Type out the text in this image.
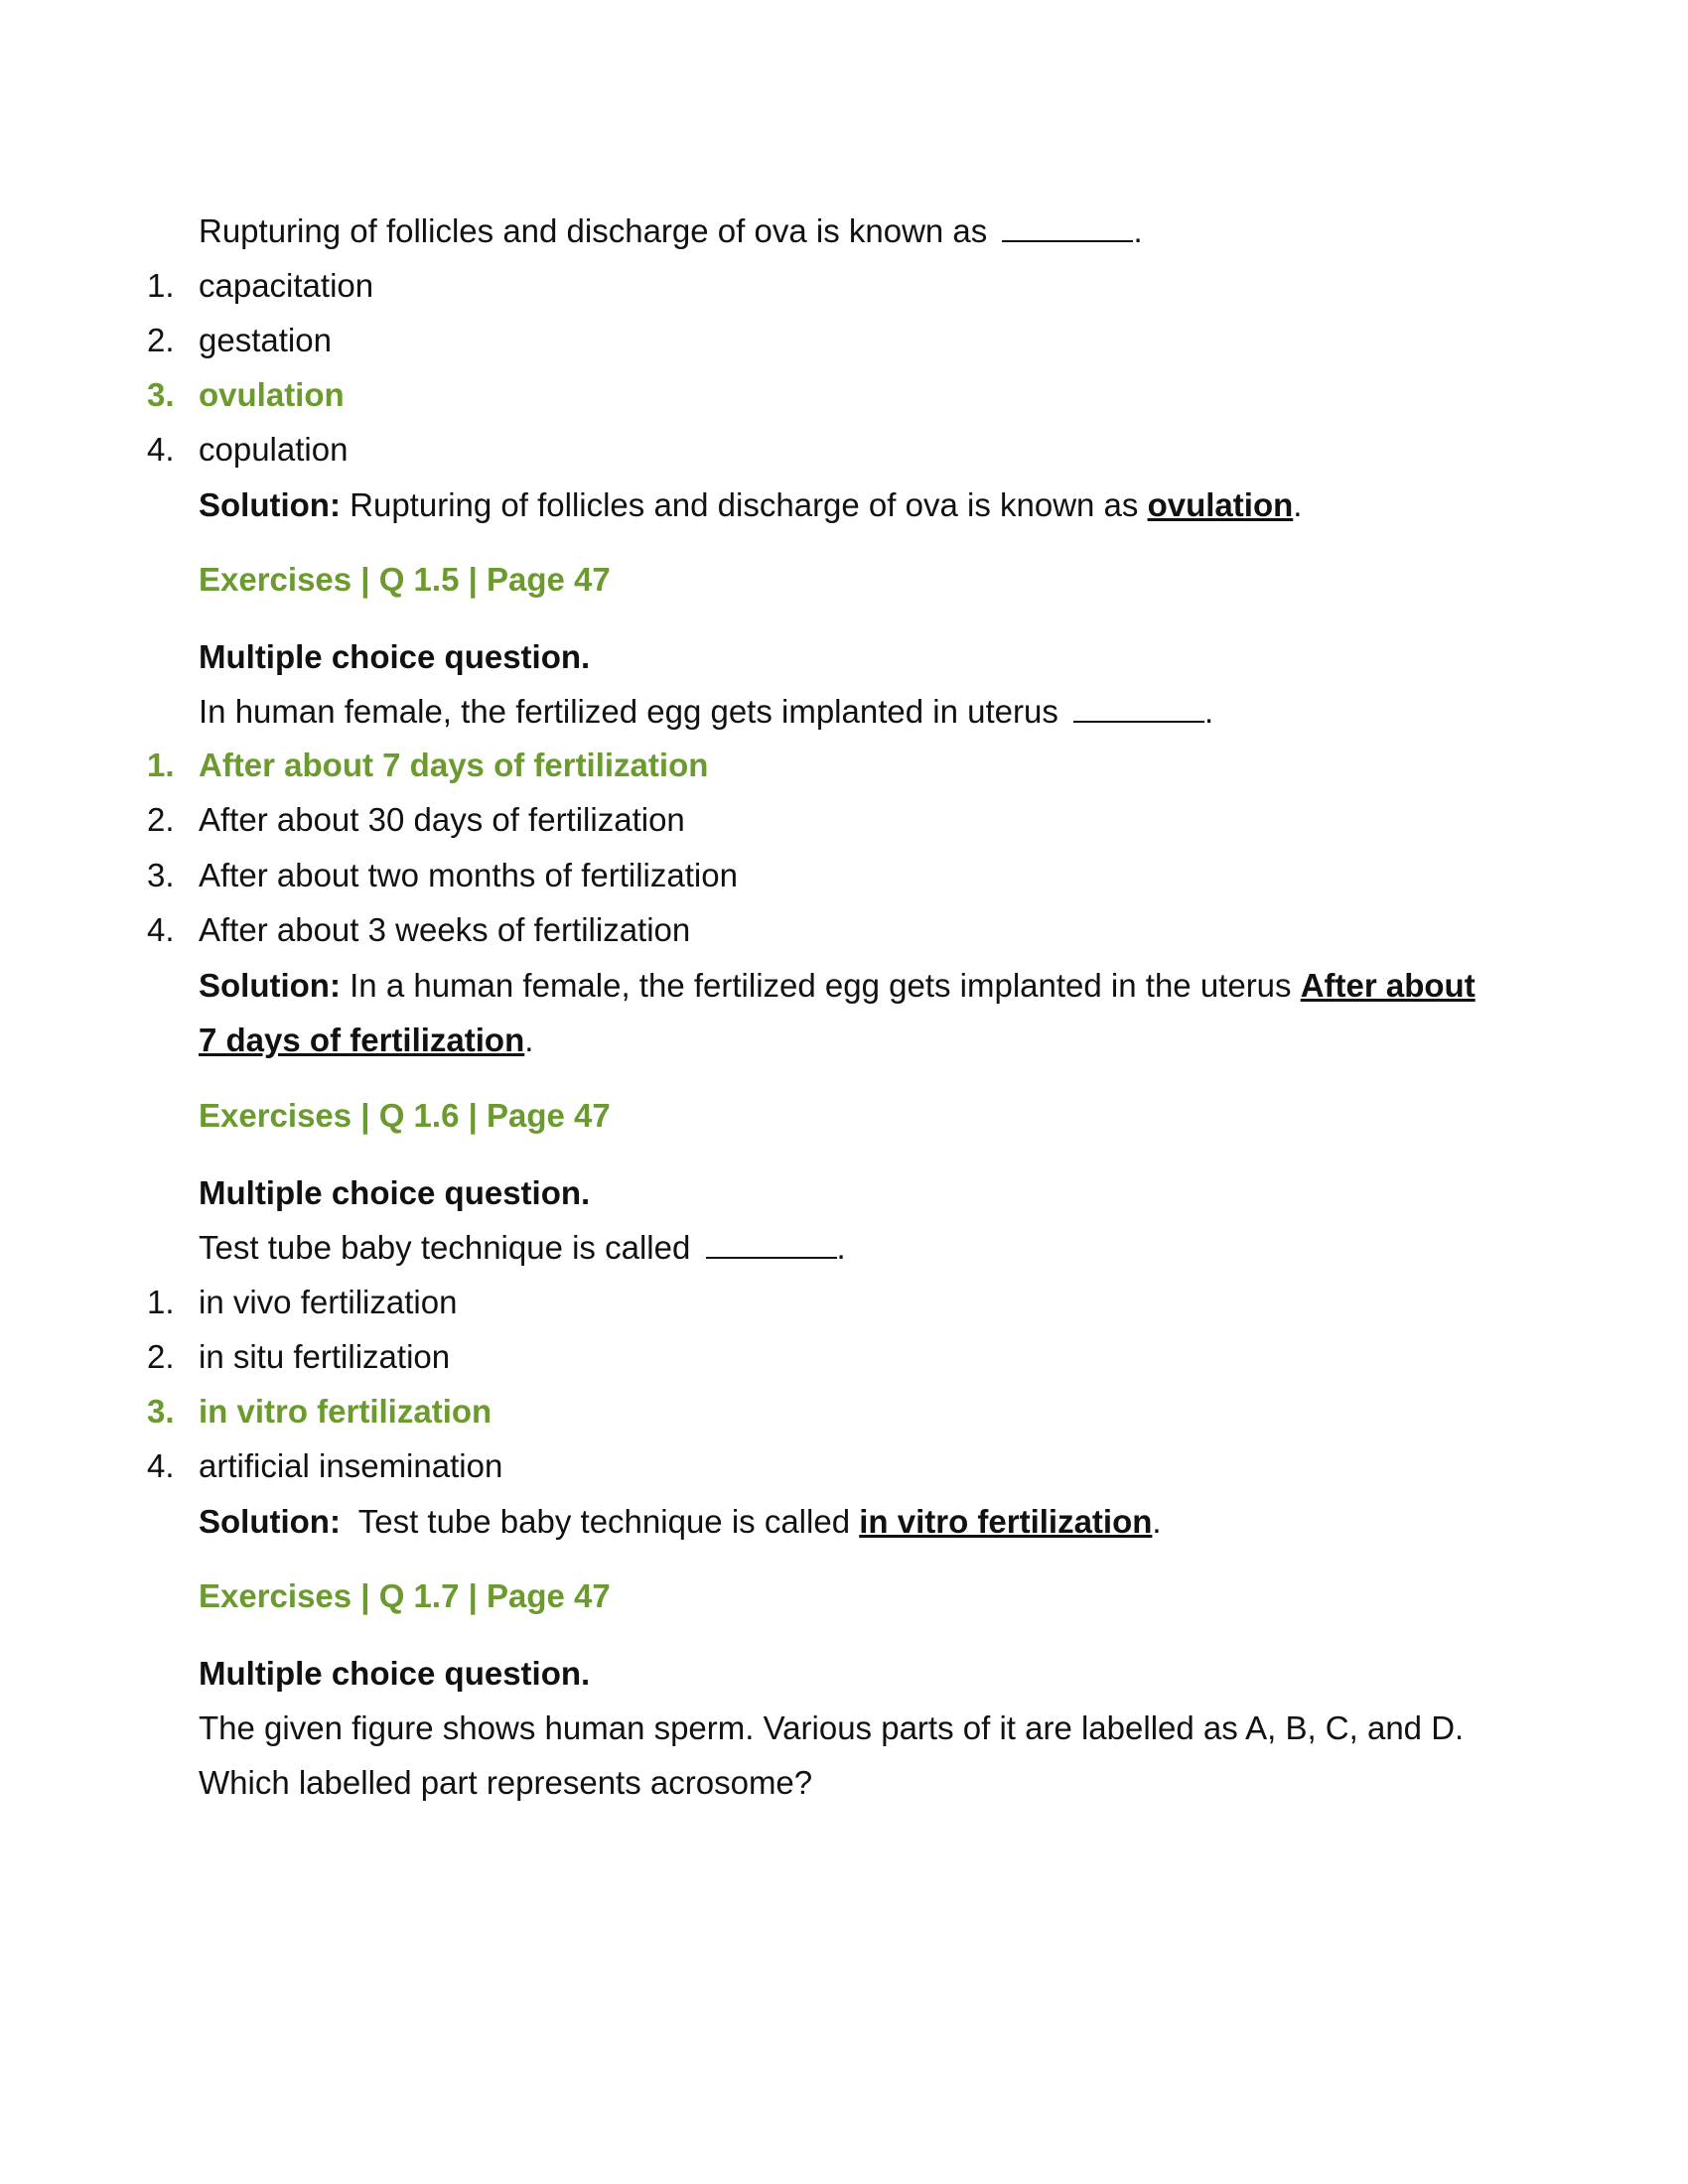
Rupturing of follicles and discharge of ova is known as	.
1. capacitation
2. gestation
3. ovulation
4. copulation
Solution: Rupturing of follicles and discharge of ova is known as ovulation.
Exercises | Q 1.5 | Page 47
Multiple choice question.
In human female, the fertilized egg gets implanted in uterus	.
1. After about 7 days of fertilization
2. After about 30 days of fertilization
3. After about two months of fertilization
4. After about 3 weeks of fertilization
Solution: In a human female, the fertilized egg gets implanted in the uterus After about
7 days of fertilization.
Exercises | Q 1.6 | Page 47
Multiple choice question.
Test tube baby technique is called	.
1. in vivo fertilization
2. in situ fertilization
3. in vitro fertilization
4. artificial insemination
Solution: Test tube baby technique is called in vitro fertilization.
Exercises | Q 1.7 | Page 47
Multiple choice question.
The given figure shows human sperm. Various parts of it are labelled as A, B, C, and D.
Which labelled part represents acrosome?
